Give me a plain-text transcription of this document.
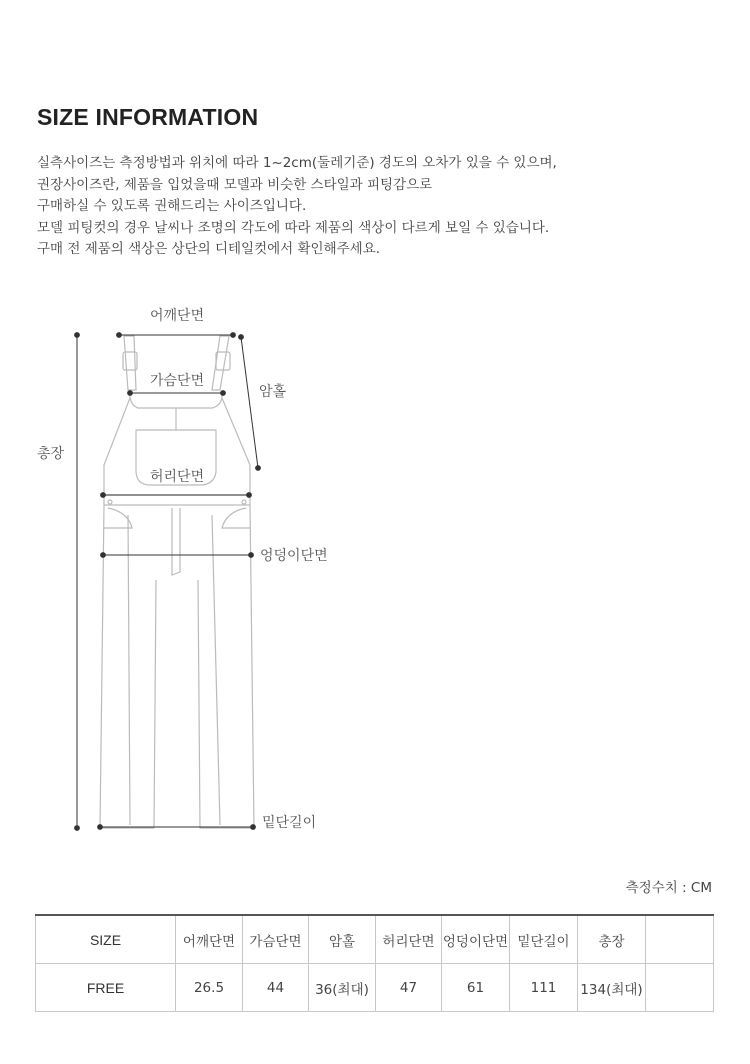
SIZE INFORMATION
실측사이즈는 측정방법과 위치에 따라 1~2cm(둘레기준) 경도의 오차가 있을 수 있으며,
권장사이즈란, 제품을 입었을때 모델과 비슷한 스타일과 피팅감으로
구매하실 수 있도록 권해드리는 사이즈입니다.
모델 피팅컷의 경우 날씨나 조명의 각도에 따라 제품의 색상이 다르게 보일 수 있습니다.
구매 전 제품의 색상은 상단의 디테일컷에서 확인해주세요.
어깨단면
가슴단면
암홀
총장
허리단면
엉덩이단면
밑단길이
측정수치 : CM
SIZE	어깨단면	가슴단면	암홀	허리단면	엉덩이단면	밑단길이	총장	
FREE	26.5	44	36(최대)	47	61	111	134(최대)	
